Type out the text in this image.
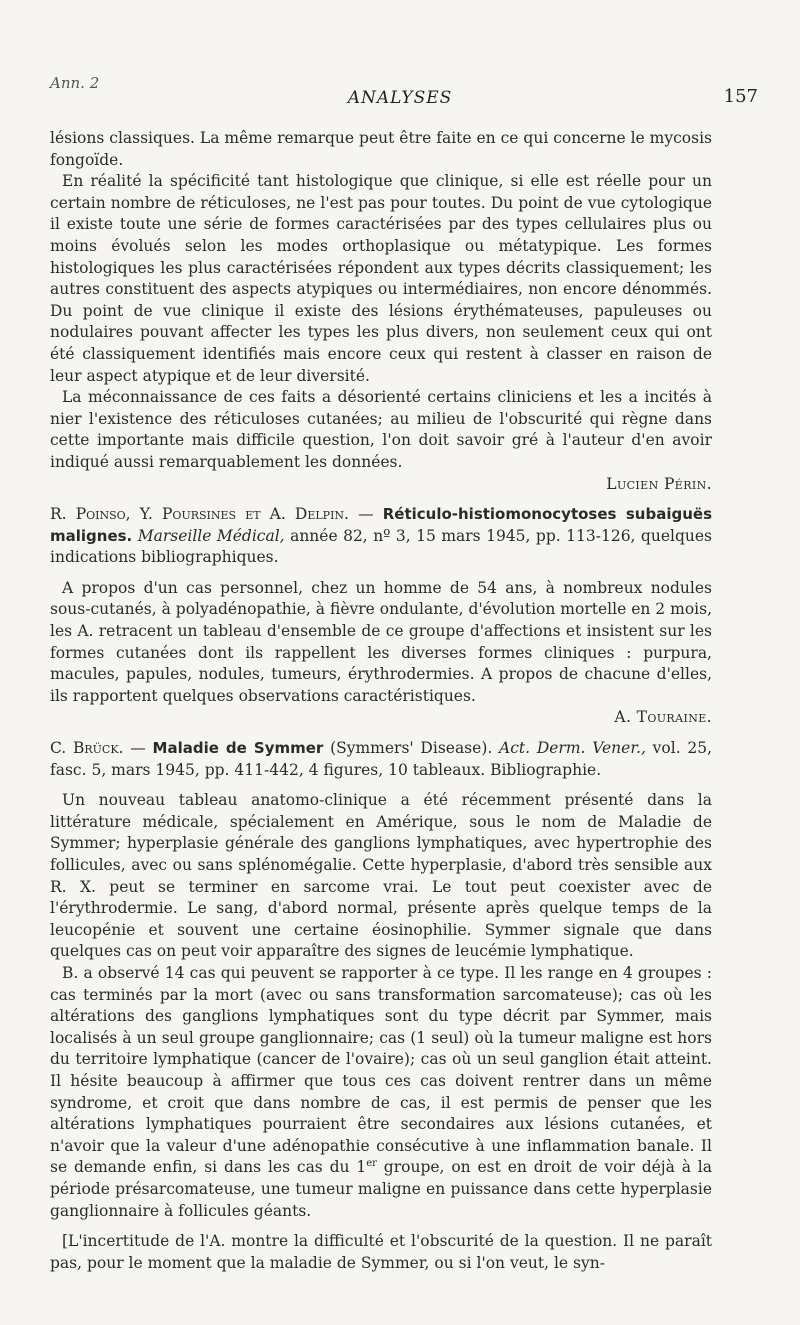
Ann. 2
ANALYSES	157

lésions classiques. La même remarque peut être faite en ce qui concerne le mycosis fongoïde.

En réalité la spécificité tant histologique que clinique, si elle est réelle pour un certain nombre de réticuloses, ne l'est pas pour toutes. Du point de vue cytologique il existe toute une série de formes caractérisées par des types cellulaires plus ou moins évolués selon les modes orthoplasique ou métatypique. Les formes histologiques les plus caractérisées répondent aux types décrits classiquement; les autres constituent des aspects atypiques ou intermédiaires, non encore dénommés. Du point de vue clinique il existe des lésions érythémateuses, papuleuses ou nodulaires pouvant affecter les types les plus divers, non seulement ceux qui ont été classiquement identifiés mais encore ceux qui restent à classer en raison de leur aspect atypique et de leur diversité.

La méconnaissance de ces faits a désorienté certains cliniciens et les a incités à nier l'existence des réticuloses cutanées; au milieu de l'obscurité qui règne dans cette importante mais difficile question, l'on doit savoir gré à l'auteur d'en avoir indiqué aussi remarquablement les données.

Lucien Périn.

R. Poinso, Y. Poursines et A. Delpin. — Réticulo-histiomonocytoses subaiguës malignes. Marseille Médical, année 82, nº 3, 15 mars 1945, pp. 113-126, quelques indications bibliographiques.

A propos d'un cas personnel, chez un homme de 54 ans, à nombreux nodules sous-cutanés, à polyadénopathie, à fièvre ondulante, d'évolution mortelle en 2 mois, les A. retracent un tableau d'ensemble de ce groupe d'affections et insistent sur les formes cutanées dont ils rappellent les diverses formes cliniques : purpura, macules, papules, nodules, tumeurs, érythrodermies. A propos de chacune d'elles, ils rapportent quelques observations caractéristiques.

A. Touraine.

C. Brück. — Maladie de Symmer (Symmers' Disease). Act. Derm. Vener., vol. 25, fasc. 5, mars 1945, pp. 411-442, 4 figures, 10 tableaux. Bibliographie.

Un nouveau tableau anatomo-clinique a été récemment présenté dans la littérature médicale, spécialement en Amérique, sous le nom de Maladie de Symmer; hyperplasie générale des ganglions lymphatiques, avec hypertrophie des follicules, avec ou sans splénomégalie. Cette hyperplasie, d'abord très sensible aux R. X. peut se terminer en sarcome vrai. Le tout peut coexister avec de l'érythrodermie. Le sang, d'abord normal, présente après quelque temps de la leucopénie et souvent une certaine éosinophilie. Symmer signale que dans quelques cas on peut voir apparaître des signes de leucémie lymphatique.

B. a observé 14 cas qui peuvent se rapporter à ce type. Il les range en 4 groupes : cas terminés par la mort (avec ou sans transformation sarcomateuse); cas où les altérations des ganglions lymphatiques sont du type décrit par Symmer, mais localisés à un seul groupe ganglionnaire; cas (1 seul) où la tumeur maligne est hors du territoire lymphatique (cancer de l'ovaire); cas où un seul ganglion était atteint. Il hésite beaucoup à affirmer que tous ces cas doivent rentrer dans un même syndrome, et croit que dans nombre de cas, il est permis de penser que les altérations lymphatiques pourraient être secondaires aux lésions cutanées, et n'avoir que la valeur d'une adénopathie consécutive à une inflammation banale. Il se demande enfin, si dans les cas du 1er groupe, on est en droit de voir déjà à la période présarcomateuse, une tumeur maligne en puissance dans cette hyperplasie ganglionnaire à follicules géants.

[L'incertitude de l'A. montre la difficulté et l'obscurité de la question. Il ne paraît pas, pour le moment que la maladie de Symmer, ou si l'on veut, le syn-
